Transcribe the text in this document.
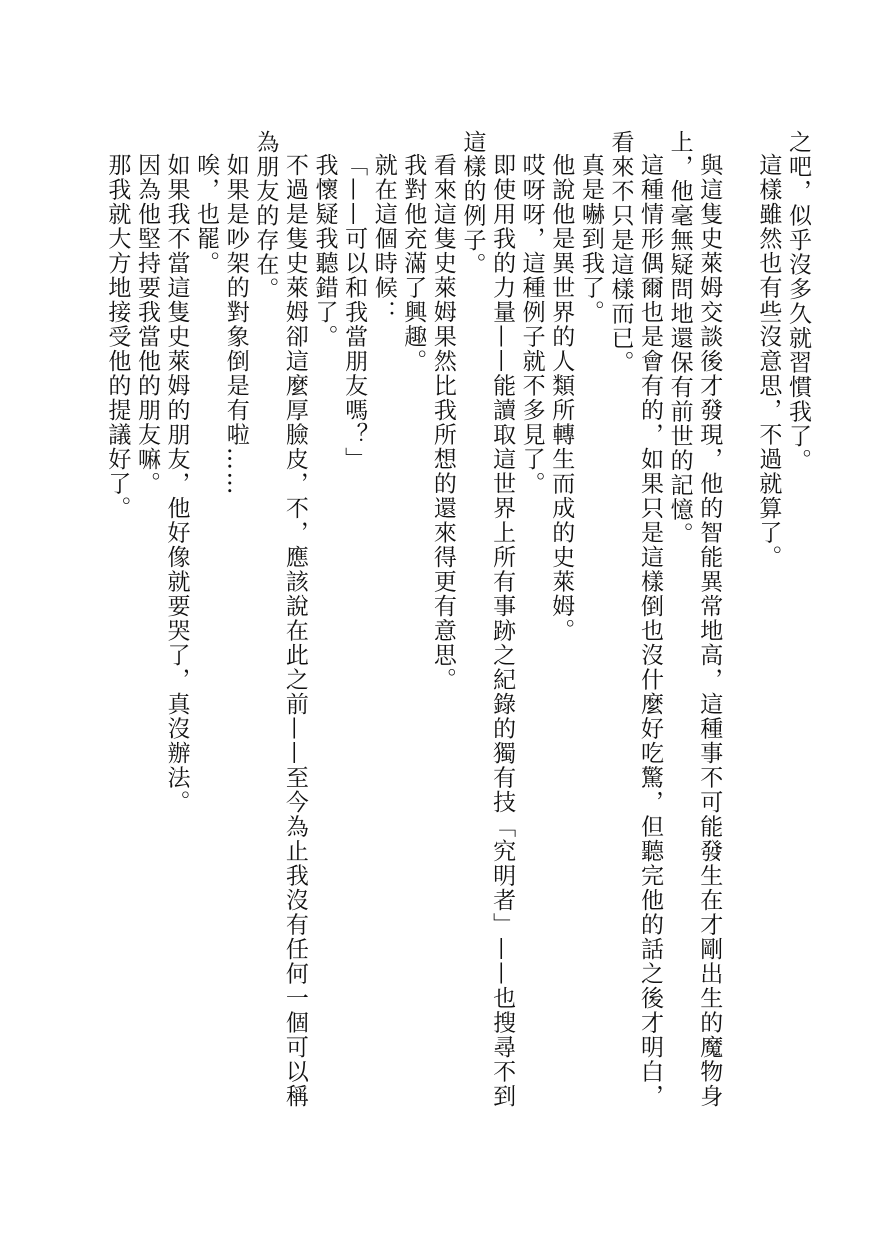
之吧，似乎沒多久就習慣我了。

這樣雖然也有些沒意思，不過就算了。

與這隻史萊姆交談後才發現，他的智能異常地高，這種事不可能發生在才剛出生的魔物身

上，他毫無疑問地還保有前世的記憶。

這種情形偶爾也是會有的，如果只是這樣倒也沒什麼好吃驚，但聽完他的話之後才明白，

看來不只是這樣而已。

真是嚇到我了。

他說他是異世界的人類所轉生而成的史萊姆。

哎呀呀，這種例子就不多見了。

即使用我的力量——能讀取這世界上所有事跡之紀錄的獨有技「究明者」——也搜尋不到

這樣的例子。

看來這隻史萊姆果然比我所想的還來得更有意思。

我對他充滿了興趣。

就在這個時候：

「——可以和我當朋友嗎？」

我懷疑我聽錯了。

不過是隻史萊姆卻這麼厚臉皮，不，應該說在此之前——至今為止我沒有任何一個可以稱

為朋友的存在。

如果是吵架的對象倒是有啦……

唉，也罷。

如果我不當這隻史萊姆的朋友，他好像就要哭了，真沒辦法。

因為他堅持要我當他的朋友嘛。

那我就大方地接受他的提議好了。
